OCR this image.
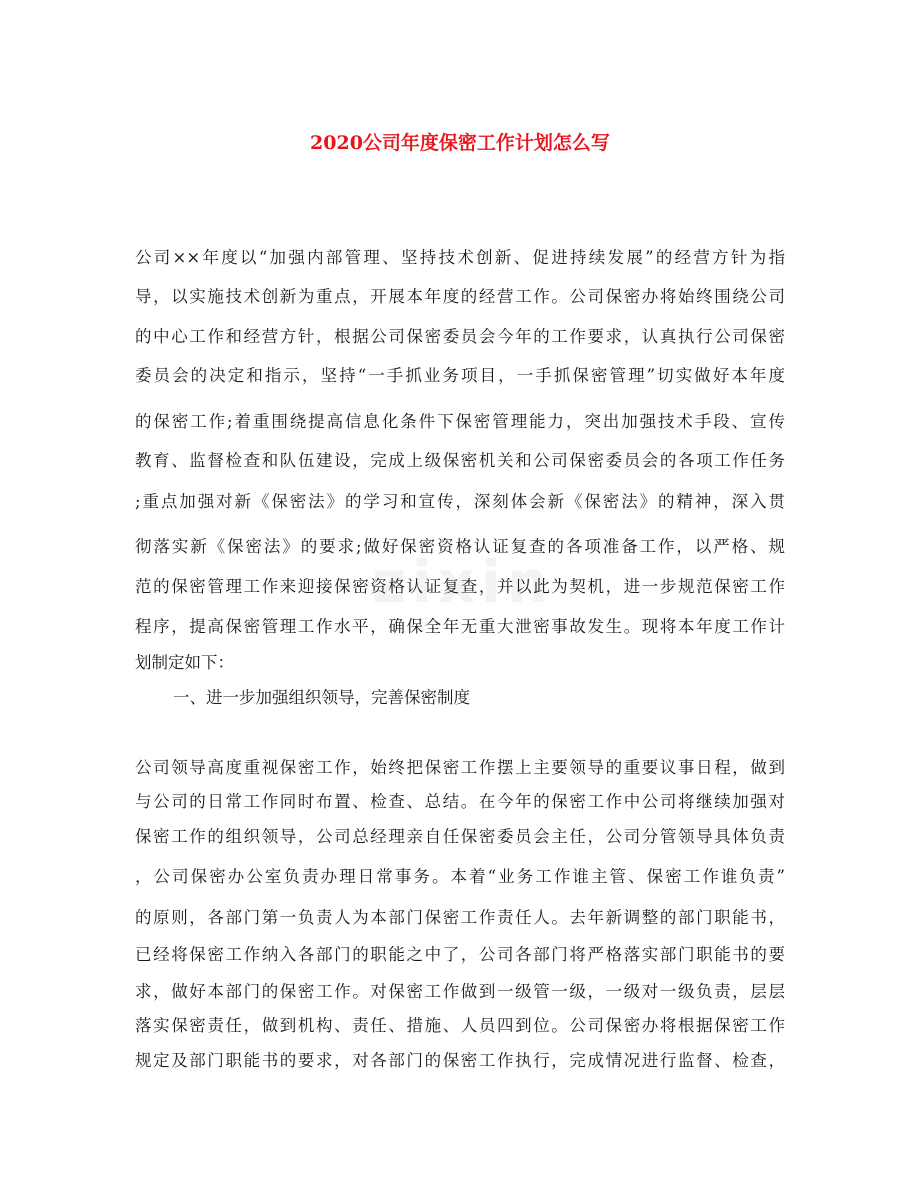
2020公司年度保密工作计划怎么写
zixin
公司××年度以“加强内部管理、坚持技术创新、促进持续发展”的经营方针为指
导，以实施技术创新为重点，开展本年度的经营工作。公司保密办将始终围绕公司
的中心工作和经营方针，根据公司保密委员会今年的工作要求，认真执行公司保密
委员会的决定和指示，坚持“一手抓业务项目，一手抓保密管理”切实做好本年度
的保密工作;着重围绕提高信息化条件下保密管理能力，突出加强技术手段、宣传
教育、监督检查和队伍建设，完成上级保密机关和公司保密委员会的各项工作任务
;重点加强对新《保密法》的学习和宣传，深刻体会新《保密法》的精神，深入贯
彻落实新《保密法》的要求;做好保密资格认证复查的各项准备工作，以严格、规
范的保密管理工作来迎接保密资格认证复查，并以此为契机，进一步规范保密工作
程序，提高保密管理工作水平，确保全年无重大泄密事故发生。现将本年度工作计
划制定如下：
一、进一步加强组织领导，完善保密制度
公司领导高度重视保密工作，始终把保密工作摆上主要领导的重要议事日程，做到
与公司的日常工作同时布置、检查、总结。在今年的保密工作中公司将继续加强对
保密工作的组织领导，公司总经理亲自任保密委员会主任，公司分管领导具体负责
，公司保密办公室负责办理日常事务。本着“业务工作谁主管、保密工作谁负责”
的原则，各部门第一负责人为本部门保密工作责任人。去年新调整的部门职能书，
已经将保密工作纳入各部门的职能之中了，公司各部门将严格落实部门职能书的要
求，做好本部门的保密工作。对保密工作做到一级管一级，一级对一级负责，层层
落实保密责任，做到机构、责任、措施、人员四到位。公司保密办将根据保密工作
规定及部门职能书的要求，对各部门的保密工作执行，完成情况进行监督、检查，
